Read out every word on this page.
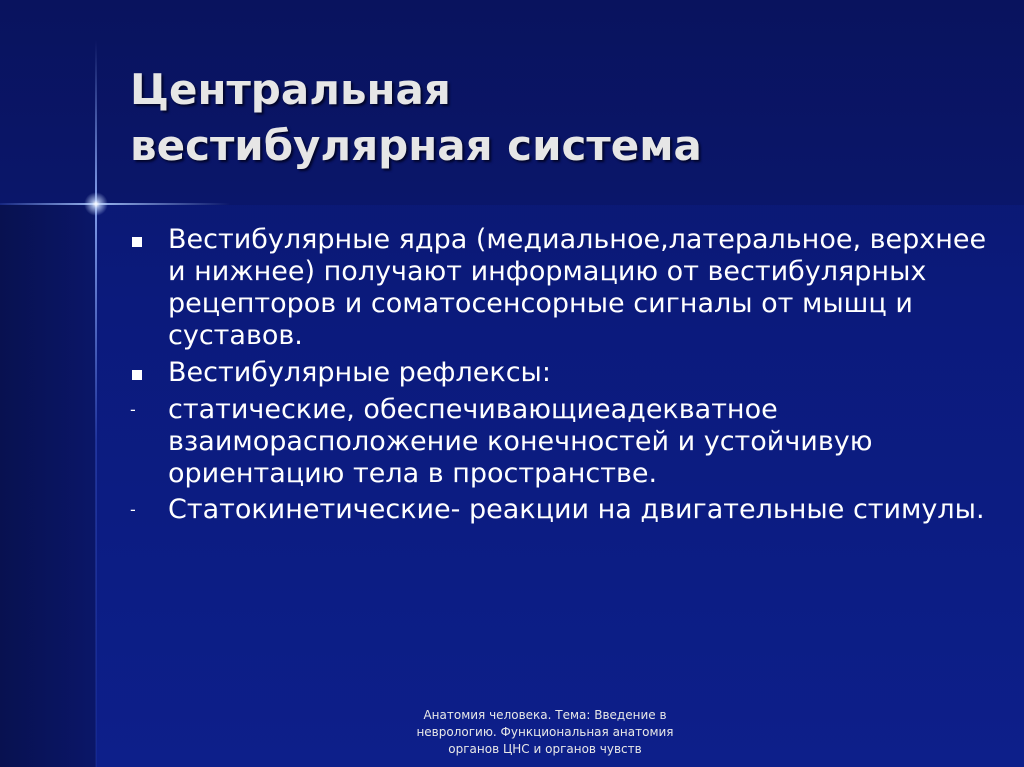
Центральная
вестибулярная система
Вестибулярные ядра (медиальное,латеральное, верхнее и нижнее) получают информацию от вестибулярных рецепторов и соматосенсорные сигналы от мышц и суставов.
Вестибулярные рефлексы:
- статические, обеспечивающиеадекватное взаиморасположение конечностей и устойчивую ориентацию тела в пространстве.
- Статокинетические- реакции на двигательные стимулы.
Анатомия человека. Тема: Введение в
неврологию. Функциональная анатомия
органов ЦНС и органов чувств
